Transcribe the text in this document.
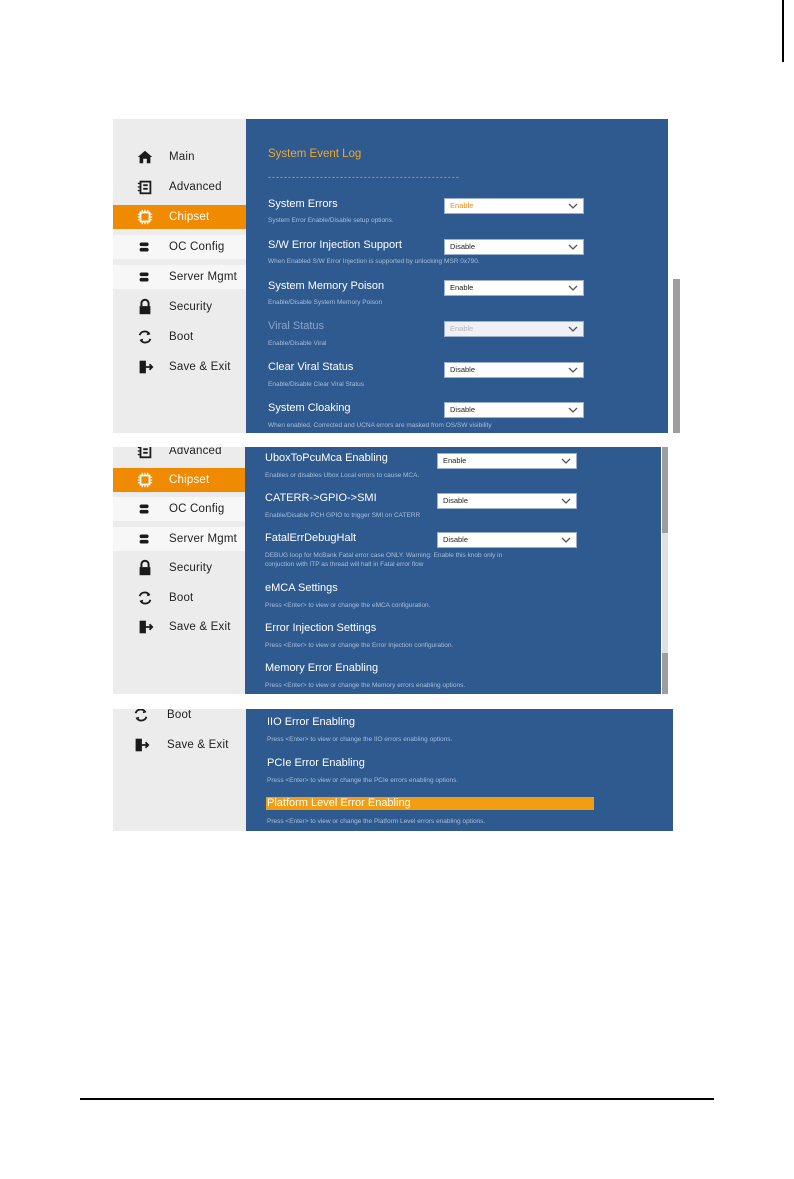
Main
Advanced
Chipset
OC Config
Server Mgmt
Security
Boot
Save & Exit
System Event Log
------------------------------------------------
System Errors
System Error Enable/Disable setup options.
Enable
S/W Error Injection Support
When Enabled S/W Error Injection is supported by unlocking MSR 0x790.
Disable
System Memory Poison
Enable/Disable System Memory Poison
Enable
Viral Status
Enable/Disable Viral
Enable
Clear Viral Status
Enable/Disable Clear Viral Status
Disable
System Cloaking
When enabled, Corrected and UCNA errors are masked from OS/SW visibility
Disable
Advanced
Chipset
OC Config
Server Mgmt
Security
Boot
Save & Exit
UboxToPcuMca Enabling
Enables or disables Ubox Local errors to cause MCA.
Enable
CATERR->GPIO->SMI
Enable/Disable PCH GPIO to trigger SMI on CATERR
Disable
FatalErrDebugHalt
DEBUG loop for McBank Fatal error case ONLY. Warning: Enable this knob only in
conjuction with ITP as thread will halt in Fatal error flow
Disable
eMCA Settings
Press <Enter> to view or change the eMCA configuration.
Error Injection Settings
Press <Enter> to view or change the Error Injection configuration.
Memory Error Enabling
Press <Enter> to view or change the Memory errors enabling options.
Boot
Save & Exit
IIO Error Enabling
Press <Enter> to view or change the IIO errors enabling options.
PCIe Error Enabling
Press <Enter> to view or change the PCIe errors enabling options.
Platform Level Error Enabling
Press <Enter> to view or change the Platform Level errors enabling options.
